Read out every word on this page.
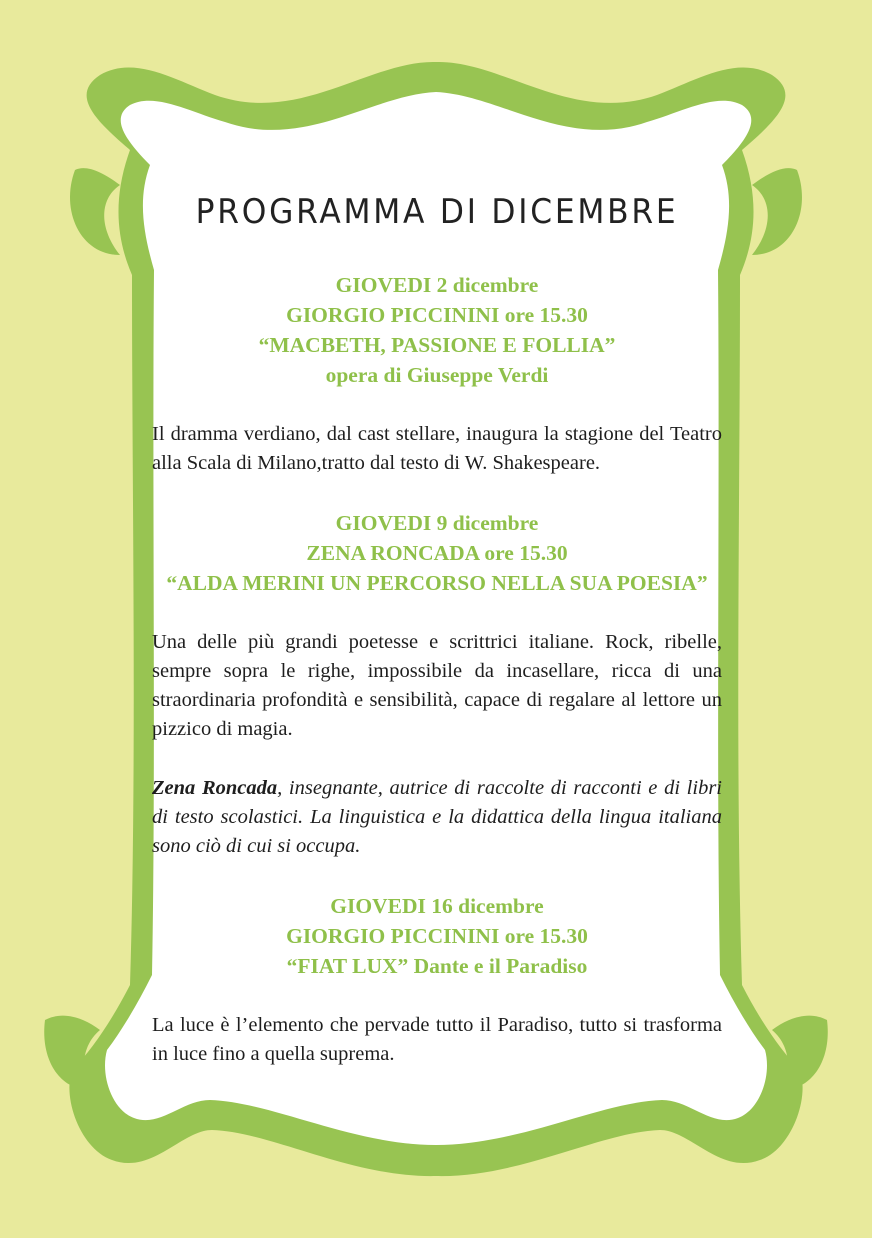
PROGRAMMA DI DICEMBRE
GIOVEDI 2 dicembre
GIORGIO PICCININI ore 15.30
“MACBETH, PASSIONE E FOLLIA”
opera di Giuseppe Verdi
Il dramma verdiano, dal cast stellare, inaugura la stagione del Teatro alla Scala di Milano,tratto dal testo di W. Shakespeare.
GIOVEDI 9 dicembre
ZENA RONCADA ore 15.30
“ALDA MERINI UN PERCORSO NELLA SUA POESIA”
Una delle più grandi poetesse e scrittrici italiane. Rock, ribelle, sempre sopra le righe, impossibile da incasellare, ricca di una straordinaria profondità e sensibilità, capace di regalare al lettore un pizzico di magia.
Zena Roncada, insegnante, autrice di raccolte di racconti e di libri di testo scolastici. La linguistica e la didattica della lingua italiana sono ciò di cui si occupa.
GIOVEDI 16 dicembre
GIORGIO PICCININI ore 15.30
“FIAT LUX” Dante e il Paradiso
La luce è l’elemento che pervade tutto il Paradiso, tutto si trasforma in luce fino a quella suprema.
